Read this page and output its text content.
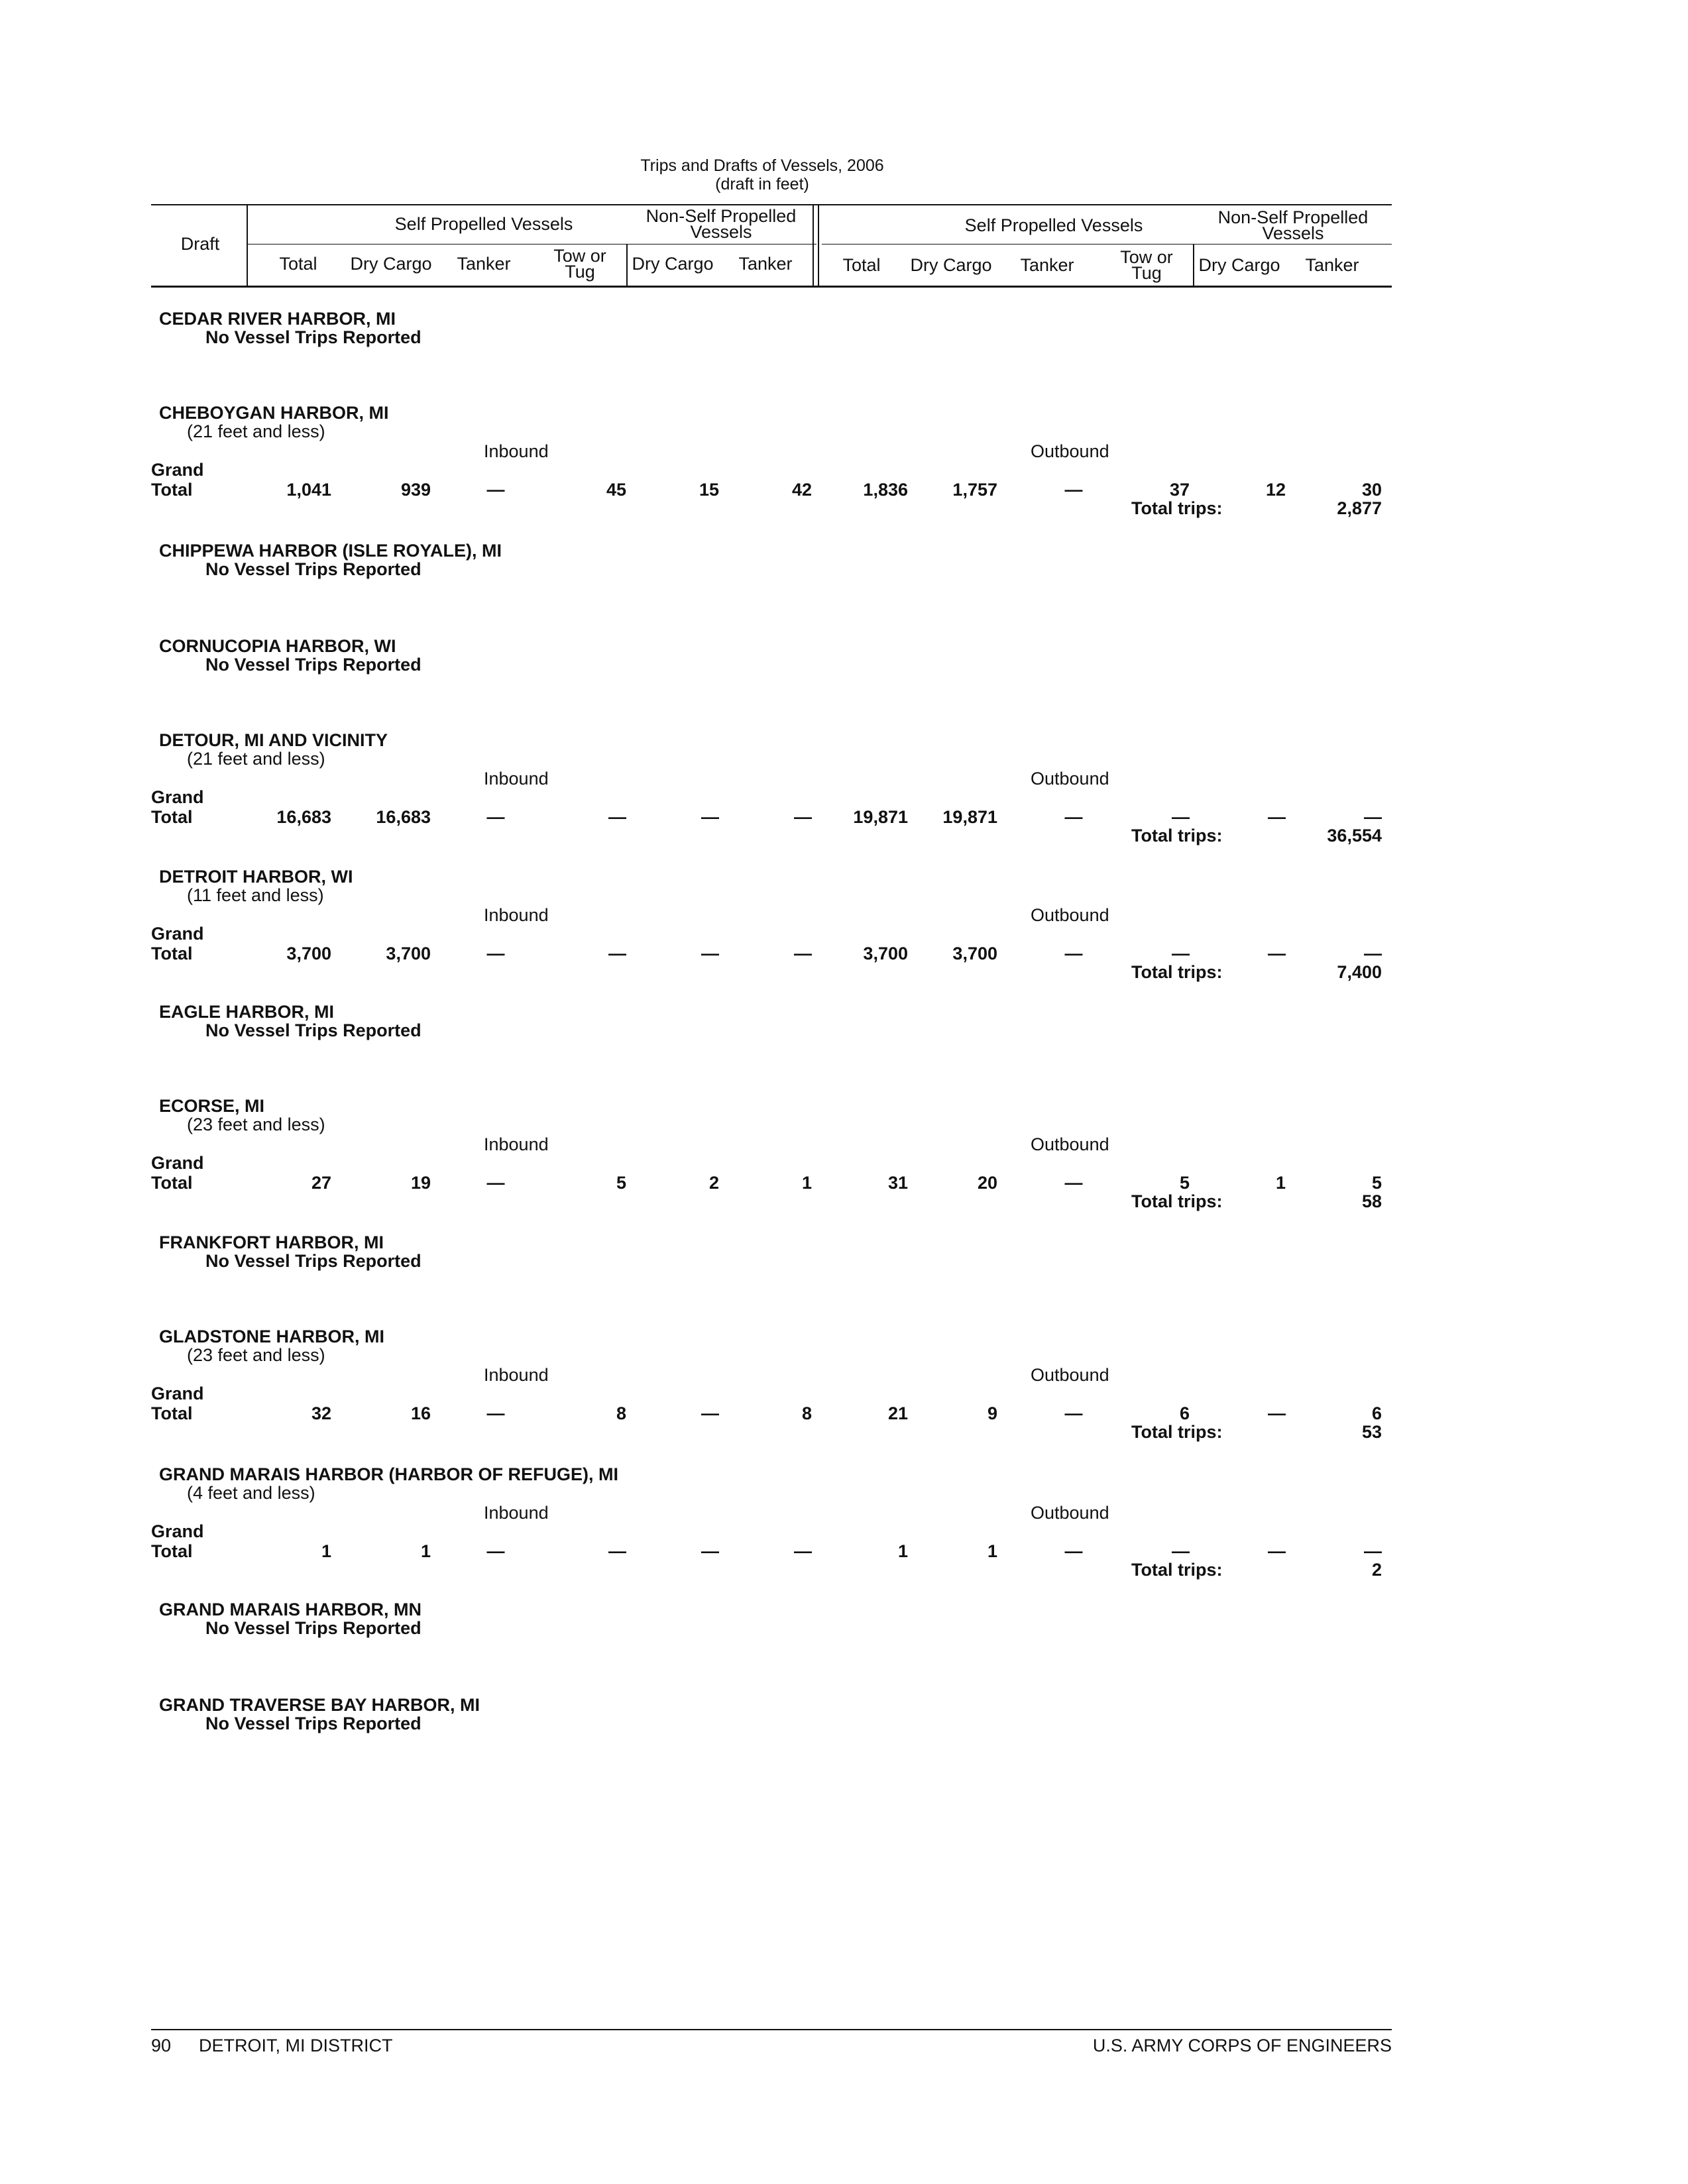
Trips and Drafts of Vessels, 2006
(draft in feet)
Draft
Self Propelled Vessels	Non-Self Propelled
Vessels	Self Propelled Vessels	Non-Self Propelled
Vessels
Total	Dry Cargo	Tanker	Tow or
Tug	Dry Cargo	Tanker	Total	Dry Cargo	Tanker	Tow or
Tug	Dry Cargo	Tanker
CEDAR RIVER HARBOR, MI
No Vessel Trips Reported
CHEBOYGAN HARBOR, MI
(21 feet and less)
Inbound	Outbound
Grand
Total	1,041	939	—	45	15	42	1,836	1,757	—	37	12	30
Total trips:	2,877
CHIPPEWA HARBOR (ISLE ROYALE), MI
No Vessel Trips Reported
CORNUCOPIA HARBOR, WI
No Vessel Trips Reported
DETOUR, MI AND VICINITY
(21 feet and less)
Inbound	Outbound
Grand
Total	16,683	16,683	—	—	—	—	19,871	19,871	—	—	—	—
Total trips:	36,554
DETROIT HARBOR, WI
(11 feet and less)
Inbound	Outbound
Grand
Total	3,700	3,700	—	—	—	—	3,700	3,700	—	—	—	—
Total trips:	7,400
EAGLE HARBOR, MI
No Vessel Trips Reported
ECORSE, MI
(23 feet and less)
Inbound	Outbound
Grand
Total	27	19	—	5	2	1	31	20	—	5	1	5
Total trips:	58
FRANKFORT HARBOR, MI
No Vessel Trips Reported
GLADSTONE HARBOR, MI
(23 feet and less)
Inbound	Outbound
Grand
Total	32	16	—	8	—	8	21	9	—	6	—	6
Total trips:	53
GRAND MARAIS HARBOR (HARBOR OF REFUGE), MI
(4 feet and less)
Inbound	Outbound
Grand
Total	1	1	—	—	—	—	1	1	—	—	—	—
Total trips:	2
GRAND MARAIS HARBOR, MN
No Vessel Trips Reported
GRAND TRAVERSE BAY HARBOR, MI
No Vessel Trips Reported
90 DETROIT, MI DISTRICT	U.S. ARMY CORPS OF ENGINEERS
